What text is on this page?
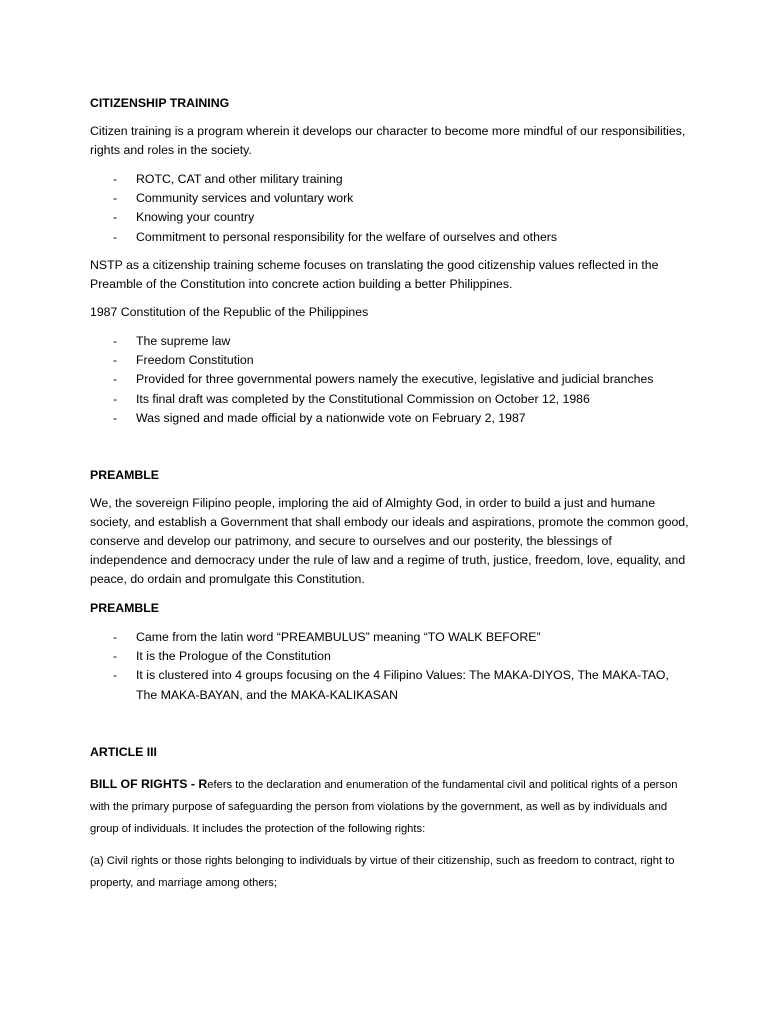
CITIZENSHIP TRAINING

Citizen training is a program wherein it develops our character to become more mindful of our responsibilities, rights and roles in the society.

- ROTC, CAT and other military training
- Community services and voluntary work
- Knowing your country
- Commitment to personal responsibility for the welfare of ourselves and others

NSTP as a citizenship training scheme focuses on translating the good citizenship values reflected in the Preamble of the Constitution into concrete action building a better Philippines.

1987 Constitution of the Republic of the Philippines

- The supreme law
- Freedom Constitution
- Provided for three governmental powers namely the executive, legislative and judicial branches
- Its final draft was completed by the Constitutional Commission on October 12, 1986
- Was signed and made official by a nationwide vote on February 2, 1987
PREAMBLE

We, the sovereign Filipino people, imploring the aid of Almighty God, in order to build a just and humane society, and establish a Government that shall embody our ideals and aspirations, promote the common good, conserve and develop our patrimony, and secure to ourselves and our posterity, the blessings of independence and democracy under the rule of law and a regime of truth, justice, freedom, love, equality, and peace, do ordain and promulgate this Constitution.

PREAMBLE
- Came from the latin word “PREAMBULUS” meaning “TO WALK BEFORE”
- It is the Prologue of the Constitution
- It is clustered into 4 groups focusing on the 4 Filipino Values: The MAKA-DIYOS, The MAKA-TAO, The MAKA-BAYAN, and the MAKA-KALIKASAN
ARTICLE III

BILL OF RIGHTS - Refers to the declaration and enumeration of the fundamental civil and political rights of a person with the primary purpose of safeguarding the person from violations by the government, as well as by individuals and group of individuals. It includes the protection of the following rights:

(a) Civil rights or those rights belonging to individuals by virtue of their citizenship, such as freedom to contract, right to property, and marriage among others;
